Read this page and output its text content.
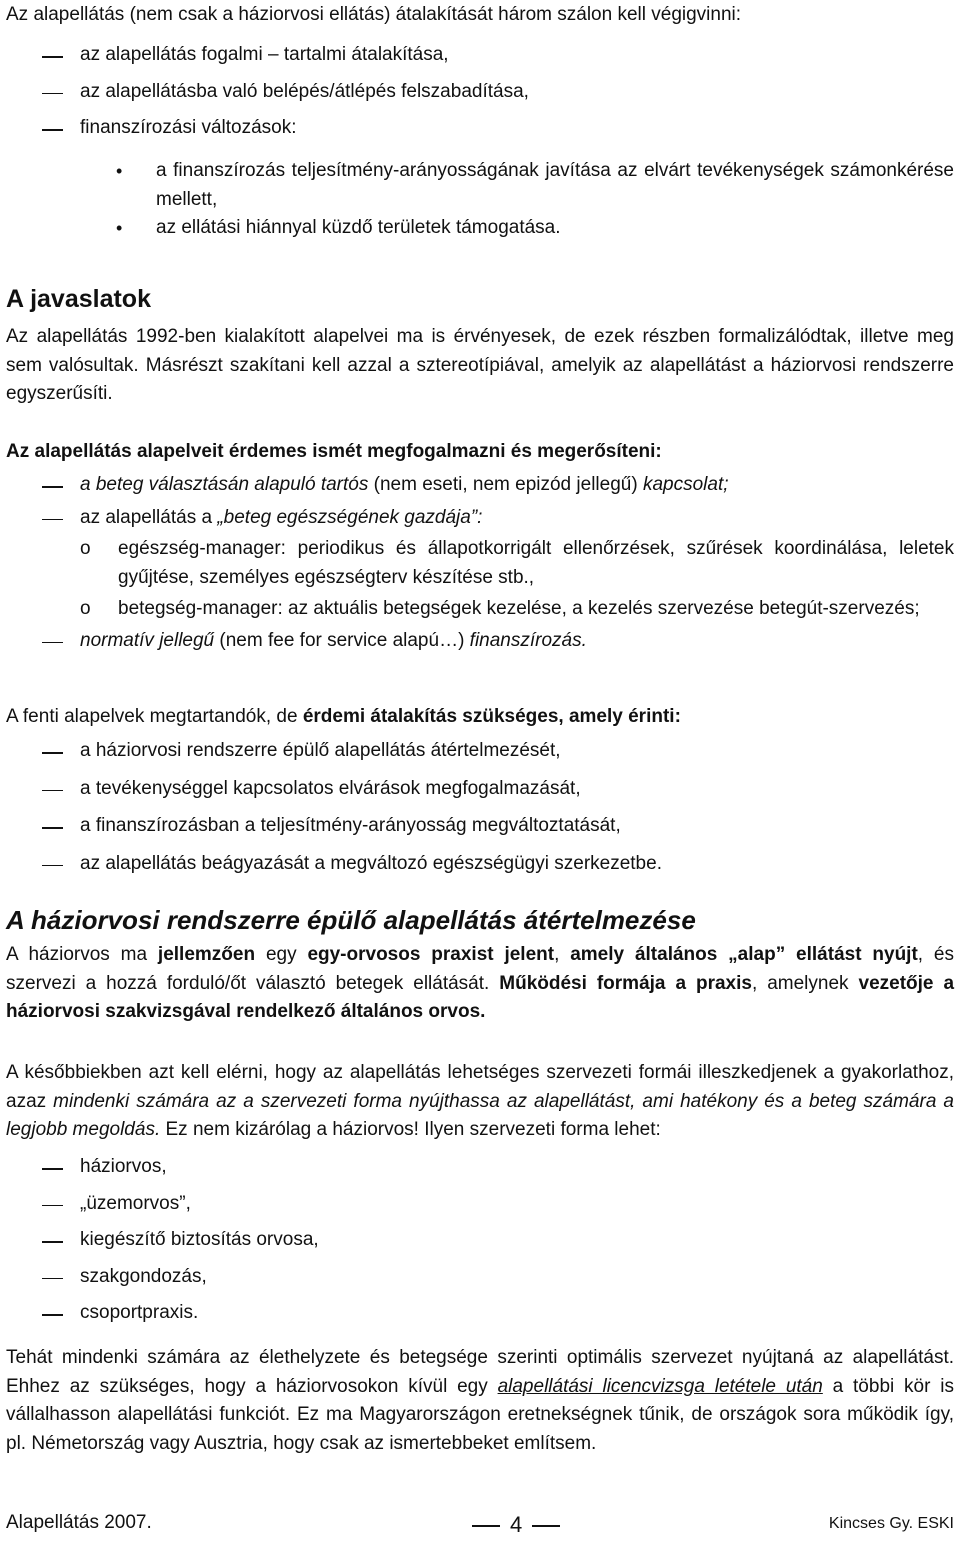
Az alapellátás (nem csak a háziorvosi ellátás) átalakítását három szálon kell végigvinni:

az alapellátás fogalmi – tartalmi átalakítása,

az alapellátásba való belépés/átlépés felszabadítása,

finanszírozási változások:

• a finanszírozás teljesítmény-arányosságának javítása az elvárt tevékenységek számonkérése mellett,

• az ellátási hiánnyal küzdő területek támogatása.

A javaslatok

Az alapellátás 1992-ben kialakított alapelvei ma is érvényesek, de ezek részben formalizálódtak, illetve meg sem valósultak. Másrészt szakítani kell azzal a sztereotípiával, amelyik az alapellátást a háziorvosi rendszerre egyszerűsíti.

Az alapellátás alapelveit érdemes ismét megfogalmazni és megerősíteni:

a beteg választásán alapuló tartós (nem eseti, nem epizód jellegű) kapcsolat;

az alapellátás a „beteg egészségének gazdája”:

o egészség-manager: periodikus és állapotkorrigált ellenőrzések, szűrések koordinálása, leletek gyűjtése, személyes egészségterv készítése stb.,

o betegség-manager: az aktuális betegségek kezelése, a kezelés szervezése betegút-szervezés;

normatív jellegű (nem fee for service alapú…) finanszírozás.

A fenti alapelvek megtartandók, de érdemi átalakítás szükséges, amely érinti:

a háziorvosi rendszerre épülő alapellátás átértelmezését,

a tevékenységgel kapcsolatos elvárások megfogalmazását,

a finanszírozásban a teljesítmény-arányosság megváltoztatását,

az alapellátás beágyazását a megváltozó egészségügyi szerkezetbe.

A háziorvosi rendszerre épülő alapellátás átértelmezése

A háziorvos ma jellemzően egy egy-orvosos praxist jelent, amely általános „alap” ellátást nyújt, és szervezi a hozzá forduló/őt választó betegek ellátását. Működési formája a praxis, amelynek vezetője a háziorvosi szakvizsgával rendelkező általános orvos.

A későbbiekben azt kell elérni, hogy az alapellátás lehetséges szervezeti formái illeszkedjenek a gyakorlathoz, azaz mindenki számára az a szervezeti forma nyújthassa az alapellátást, ami hatékony és a beteg számára a legjobb megoldás. Ez nem kizárólag a háziorvos! Ilyen szervezeti forma lehet:

háziorvos,

„üzemorvos”,

kiegészítő biztosítás orvosa,

szakgondozás,

csoportpraxis.

Tehát mindenki számára az élethelyzete és betegsége szerinti optimális szervezet nyújtaná az alapellátást. Ehhez az szükséges, hogy a háziorvosokon kívül egy alapellátási licencvizsga letétele után a többi kör is vállalhasson alapellátási funkciót. Ez ma Magyarországon eretnekségnek tűnik, de országok sora működik így, pl. Németország vagy Ausztria, hogy csak az ismertebbeket említsem.

Alapellátás 2007.	4	Kincses Gy. ESKI
